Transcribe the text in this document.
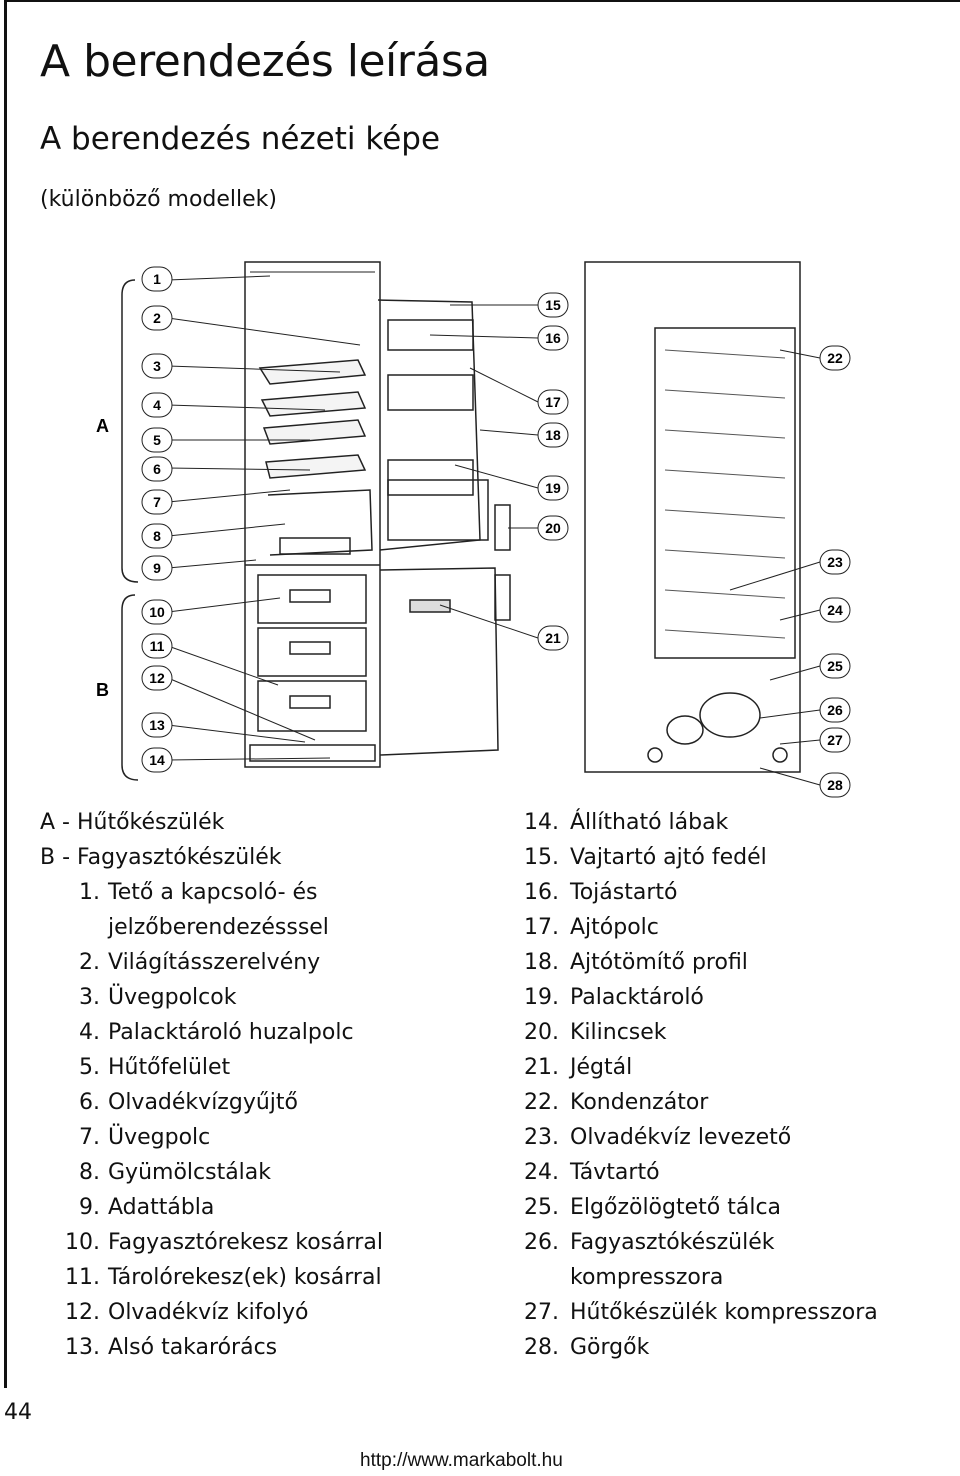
A berendezés leírása
A berendezés nézeti képe
(különböző modellek)
A
B
1
2
3
4
5
6
7
8
9
10
11
12
13
14
15
16
17
18
19
20
21
22
23
24
25
26
27
28
A - Hűtőkészülék
B - Fagyasztókészülék
1. Tető a kapcsoló- és
jelzőberendezésssel
2. Világításszerelvény
3. Üvegpolcok
4. Palacktároló huzalpolc
5. Hűtőfelület
6. Olvadékvízgyűjtő
7. Üvegpolc
8. Gyümölcstálak
9. Adattábla
10. Fagyasztórekesz kosárral
11. Tárolórekesz(ek) kosárral
12. Olvadékvíz kifolyó
13. Alsó takarórács
14. Állítható lábak
15. Vajtartó ajtó fedél
16. Tojástartó
17. Ajtópolc
18. Ajtótömítő profil
19. Palacktároló
20. Kilincsek
21. Jégtál
22. Kondenzátor
23. Olvadékvíz levezető
24. Távtartó
25. Elgőzölögtető tálca
26. Fagyasztókészülék
kompresszora
27. Hűtőkészülék kompresszora
28. Görgők
44
http://www.markabolt.hu
